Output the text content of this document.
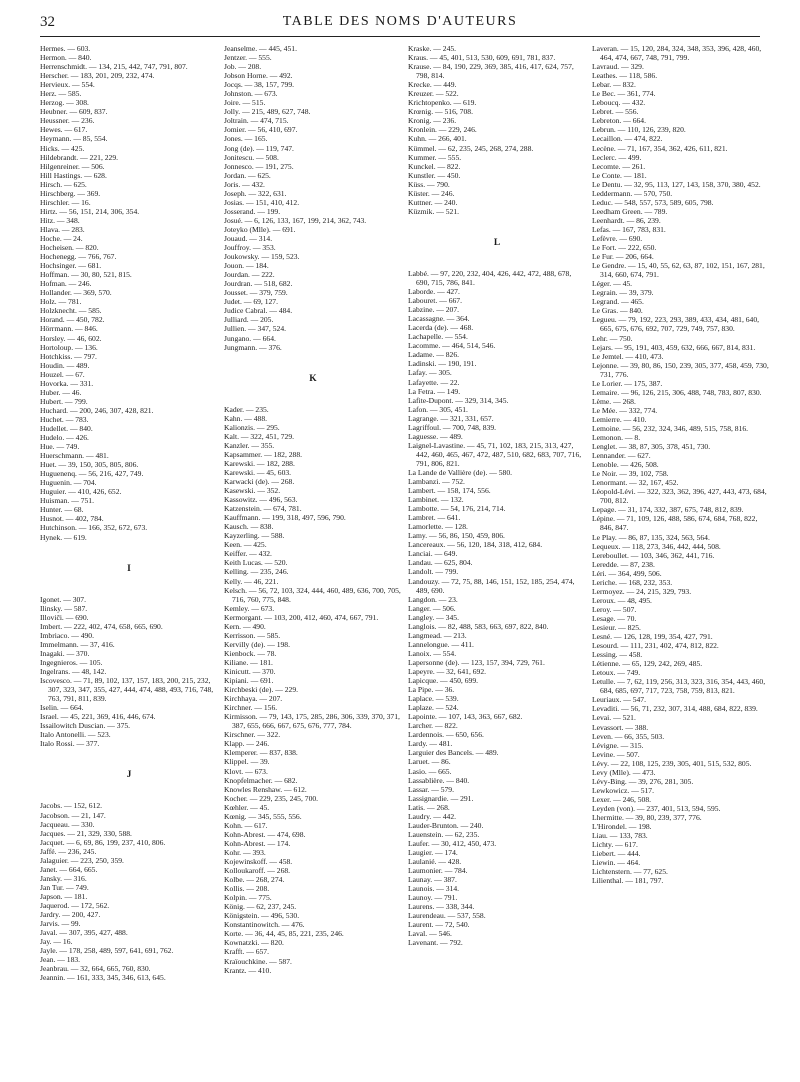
32	TABLE DES NOMS D'AUTEURS

Hermes. — 603.

Hermon. — 840.

Herrenschmidt. — 134, 215, 442, 747, 791, 807.

Herscher. — 183, 201, 209, 232, 474.

Hervieux. — 554.

Herz. — 585.

Herzog. — 308.

Heubner. — 609, 837.

Heussner. — 236.

Hewes. — 617.

Heymann. — 85, 554.

Hicks. — 425.

Hildebrandt. — 221, 229.

Hilgenreiner. — 506.

Hill Hastings. — 628.

Hirsch. — 625.

Hirschberg. — 369.

Hirschler. — 16.

Hirtz. — 56, 151, 214, 306, 354.

Hitz. — 348.

Hlava. — 283.

Hoche. — 24.

Hocheisen. — 820.

Hochenegg. — 766, 767.

Hochsinger. — 681.

Hoffman. — 30, 80, 521, 815.

Hofman. — 246.

Hollander. — 369, 570.

Holz. — 781.

Holzknecht. — 585.

Horand. — 450, 782.

Hörrmann. — 846.

Horsley. — 46, 602.

Hortoloup. — 136.

Hotchkiss. — 797.

Houdin. — 489.

Houzel. — 67.

Hovorka. — 331.

Huber. — 46.

Hubert. — 799.

Huchard. — 200, 246, 307, 428, 821.

Huchet. — 783.

Hudellet. — 840.

Hudelo. — 426.

Hue. — 749.

Huerschmann. — 481.

Huet. — 39, 150, 305, 805, 806.

Huguenenq. — 56, 216, 427, 749.

Huguenin. — 704.

Huguier. — 410, 426, 652.

Huisman. — 751.

Hunter. — 68.

Husnot. — 402, 784.

Hutchinson. — 166, 352, 672, 673.

Hynek. — 619.

I

Igonet. — 307.

Ilinsky. — 587.

Illoviči. — 690.

Imbert. — 222, 402, 474, 658, 665, 690.

Imbriaco. — 490.

Immelmann. — 37, 416.

Inagaki. — 370.

Ingegnieros. — 105.

Ingelrans. — 48, 142.

Iscovesco. — 71, 89, 102, 137, 157, 183, 200, 215, 232, 307, 323, 347, 355, 427, 444, 474, 488, 493, 716, 748, 763, 791, 811, 839.

Iselin. — 664.

Israel. — 45, 221, 369, 416, 446, 674.

Issailowitch Duscian. — 375.

Italo Antonelli. — 523.

Italo Rossi. — 377.

J

Jacobs. — 152, 612.

Jacobson. — 21, 147.

Jacqueau. — 330.

Jacques. — 21, 329, 330, 588.

Jacquet. — 6, 69, 86, 199, 237, 410, 806.

Jaffé. — 236, 245.

Jalaguier. — 223, 250, 359.

Janet. — 664, 665.

Jansky. — 316.

Jan Tur. — 749.

Japson. — 181.

Jaquerod. — 172, 562.

Jardry. — 200, 427.

Jarvis. — 99.

Javal. — 307, 395, 427, 488.

Jay. — 16.

Jayle. — 178, 258, 489, 597, 641, 691, 762.

Jean. — 183.

Jeanbrau. — 32, 664, 665, 760, 830.

Jeannin. — 161, 333, 345, 346, 613, 645.

Jeanselme. — 445, 451.

Jentzer. — 555.

Job. — 208.

Jobson Horne. — 492.

Jocqs. — 38, 157, 799.

Johnston. — 673.

Joire. — 515.

Jolly. — 215, 489, 627, 748.

Joltrain. — 474, 715.

Jomier. — 56, 410, 697.

Jones. — 165.

Jong (de). — 119, 747.

Jonitescu. — 508.

Jonnesco. — 191, 275.

Jordan. — 625.

Joris. — 432.

Joseph. — 322, 631.

Josias. — 151, 410, 412.

Josserand. — 199.

Josué. — 6, 126, 133, 167, 199, 214, 362, 743.

Joteyko (Mlle). — 691.

Jouaud. — 314.

Jouffroy. — 353.

Joukowsky. — 159, 523.

Jouon. — 184.

Jourdan. — 222.

Jourdran. — 518, 682.

Jousset. — 379, 759.

Judet. — 69, 127.

Judice Cabral. — 484.

Julliard. — 205.

Jullien. — 347, 524.

Jungano. — 664.

Jungmann. — 376.

K

Kader. — 235.

Kahn. — 488.

Kalionzis. — 295.

Kalt. — 322, 451, 729.

Kanzler. — 355.

Kapsammer. — 182, 288.

Karewski. — 182, 288.

Karewski. — 45, 603.

Karwacki (de). — 268.

Kasewski. — 352.

Kassowitz. — 496, 563.

Katzenstein. — 674, 781.

Kauffmann. — 199, 318, 497, 596, 790.

Kausch. — 838.

Kayzerling. — 588.

Keen. — 425.

Keiffer. — 432.

Keith Lucas. — 520.

Kelling. — 235, 246.

Kelly. — 46, 221.

Kelsch. — 56, 72, 103, 324, 444, 460, 489, 636, 700, 705, 716, 760, 775, 848.

Kemley. — 673.

Kermorgant. — 103, 200, 412, 460, 474, 667, 791.

Kern. — 490.

Kerrisson. — 585.

Kervilly (de). — 198.

Kienbock. — 78.

Kiliane. — 181.

Kinicutt. — 370.

Kipiani. — 691.

Kirchbeski (de). — 229.

Kirchhaya. — 207.

Kirchner. — 156.

Kirmisson. — 79, 143, 175, 285, 286, 306, 339, 370, 371, 387, 655, 666, 667, 675, 676, 777, 784.

Kirschner. — 322.

Klapp. — 246.

Klemperer. — 837, 838.

Klippel. — 39.

Klovt. — 673.

Knopfelmacher. — 682.

Knowles Renshaw. — 612.

Kocher. — 229, 235, 245, 700.

Kœhler. — 45.

Kœnig. — 345, 555, 556.

Kohn. — 617.

Kohn-Abrest. — 474, 698.

Kohn-Abrest. — 174.

Kohr. — 393.

Kojewinskoff. — 458.

Kolloukaroff. — 268.

Kolbe. — 268, 274.

Kollis. — 208.

Kolpin. — 775.

König. — 62, 237, 245.

Königstein. — 496, 530.

Konstantinowitch. — 476.

Korte. — 36, 44, 45, 85, 221, 235, 246.

Kownatzki. — 820.

Krafft. — 657.

Kraïouchkine. — 587.

Krantz. — 410.

Kraske. — 245.

Kraus. — 45, 401, 513, 530, 609, 691, 781, 837.

Krause. — 84, 190, 229, 369, 385, 416, 417, 624, 757, 798, 814.

Krecke. — 449.

Kreuzer. — 522.

Krichtopenko. — 619.

Krœnig. — 516, 708.

Kronig. — 236.

Kronlein. — 229, 246.

Kuhn. — 266, 401.

Kümmel. — 62, 235, 245, 268, 274, 288.

Kummer. — 555.

Kunckel. — 822.

Kunstler. — 450.

Küss. — 790.

Küster. — 246.

Kuttner. — 240.

Küzmik. — 521.

L

Labbé. — 97, 220, 232, 404, 426, 442, 472, 488, 678, 690, 715, 786, 841.

Laborde. — 427.

Labouret. — 667.

Labzine. — 207.

Lacassagne. — 364.

Lacerda (de). — 468.

Lachapelle. — 554.

Lacomme. — 464, 514, 546.

Ladame. — 826.

Ladinski. — 190, 191.

Lafay. — 305.

Lafayette. — 22.

La Fetra. — 149.

Lafite-Dupont. — 329, 314, 345.

Lafon. — 305, 451.

Lagrange. — 321, 331, 657.

Lagriffoul. — 700, 748, 839.

Laguesse. — 489.

Laignel-Lavastine. — 45, 71, 102, 183, 215, 313, 427, 442, 460, 465, 467, 472, 487, 510, 682, 683, 707, 716, 791, 806, 821.

La Lande de Vallière (de). — 580.

Lambanzi. — 752.

Lambert. — 158, 174, 556.

Lambinet. — 132.

Lambotte. — 54, 176, 214, 714.

Lambret. — 641.

Lamorlette. — 128.

Lamy. — 56, 86, 150, 459, 806.

Lancereaux. — 56, 120, 184, 318, 412, 684.

Lanciai. — 649.

Landau. — 625, 804.

Landolt. — 799.

Landouzy. — 72, 75, 88, 146, 151, 152, 185, 254, 474, 489, 690.

Langdon. — 23.

Langer. — 506.

Langley. — 345.

Langlois. — 82, 488, 583, 663, 697, 822, 840.

Langmead. — 213.

Lannelongue. — 411.

Lanoix. — 554.

Lapersonne (de). — 123, 157, 394, 729, 761.

Lapeyre. — 32, 641, 692.

Lapicque. — 450, 699.

La Pipe. — 36.

Laplace. — 539.

Laplaze. — 524.

Lapointe. — 107, 143, 363, 667, 682.

Larcher. — 822.

Lardennois. — 650, 656.

Lardy. — 481.

Larguier des Bancels. — 489.

Laruet. — 86.

Lasio. — 665.

Lassablière. — 840.

Lassar. — 579.

Lassignardie. — 291.

Latis. — 268.

Laudry. — 442.

Lauder-Brunton. — 240.

Lauenstein. — 62, 235.

Laufer. — 30, 412, 450, 473.

Laugier. — 174.

Laulanié. — 428.

Laumonier. — 784.

Launay. — 387.

Launois. — 314.

Launoy. — 791.

Laurens. — 338, 344.

Laurendeau. — 537, 558.

Laurent. — 72, 540.

Laval. — 546.

Lavenant. — 792.

Laveran. — 15, 120, 284, 324, 348, 353, 396, 428, 460, 464, 474, 667, 748, 791, 799.

Lavraud. — 329.

Leathes. — 118, 586.

Lebar. — 832.

Le Bec. — 361, 774.

Leboucq. — 432.

Lebret. — 556.

Lebreton. — 664.

Lebrun. — 110, 126, 239, 820.

Lecaillon. — 474, 822.

Lecène. — 71, 167, 354, 362, 426, 611, 821.

Leclerc. — 499.

Lecomte. — 261.

Le Conte. — 181.

Le Dentu. — 32, 95, 113, 127, 143, 158, 370, 380, 452.

Leddermann. — 570, 750.

Leduc. — 548, 557, 573, 589, 605, 798.

Leedham Green. — 789.

Leenhardt. — 86, 239.

Lefas. — 167, 783, 831.

Lefèvre. — 690.

Le Fort. — 222, 650.

Le Fur. — 206, 664.

Le Gendre. — 15, 40, 55, 62, 63, 87, 102, 151, 167, 281, 314, 660, 674, 791.

Léger. — 45.

Legrain. — 39, 379.

Legrand. — 465.

Le Gras. — 840.

Legueu. — 79, 192, 223, 293, 389, 433, 434, 481, 640, 665, 675, 676, 692, 707, 729, 749, 757, 830.

Lehr. — 750.

Lejars. — 95, 191, 403, 459, 632, 666, 667, 814, 831.

Le Jemtel. — 410, 473.

Lejonne. — 39, 80, 86, 150, 239, 305, 377, 458, 459, 730, 731, 776.

Le Lorier. — 175, 387.

Lemaire. — 96, 126, 215, 306, 488, 748, 783, 807, 830.

Lème. — 268.

Le Mée. — 332, 774.

Lemierre. — 410.

Lemoine. — 56, 232, 324, 346, 489, 515, 758, 816.

Lemonon. — 8.

Lenglet. — 38, 87, 305, 378, 451, 730.

Lennander. — 627.

Lenoble. — 426, 508.

Le Noir. — 39, 102, 758.

Lenormant. — 32, 167, 452.

Léopold-Lévi. — 322, 323, 362, 396, 427, 443, 473, 684, 700, 812.

Lepage. — 31, 174, 332, 387, 675, 748, 812, 839.

Lépine. — 71, 109, 126, 488, 586, 674, 684, 768, 822, 846, 847.

Le Play. — 86, 87, 135, 324, 563, 564.

Lequeux. — 118, 273, 346, 442, 444, 508.

Lereboullet. — 103, 346, 362, 441, 716.

Leredde. — 87, 238.

Léri. — 364, 499, 506.

Leriche. — 168, 232, 353.

Lermoyez. — 24, 215, 329, 793.

Leroux. — 48, 495.

Leroy. — 507.

Lesage. — 70.

Lesieur. — 825.

Lesné. — 126, 128, 199, 354, 427, 791.

Lesourd. — 111, 231, 402, 474, 812, 822.

Lessing. — 458.

Létienne. — 65, 129, 242, 269, 485.

Letoux. — 749.

Letulle. — 7, 62, 119, 256, 313, 323, 316, 354, 443, 460, 684, 685, 697, 717, 723, 758, 759, 813, 821.

Leuriaux. — 547.

Levaditi. — 56, 71, 232, 307, 314, 488, 684, 822, 839.

Levai. — 521.

Levassort. — 388.

Leven. — 66, 355, 503.

Lévigne. — 315.

Levine. — 507.

Lévy. — 22, 108, 125, 239, 305, 401, 515, 532, 805.

Levy (Mlle). — 473.

Lévy-Bing. — 39, 276, 281, 305.

Lewkowicz. — 517.

Lexer. — 246, 508.

Leyden (von). — 237, 401, 513, 594, 595.

Lhermitte. — 39, 80, 239, 377, 776.

L'Hirondel. — 198.

Liau. — 133, 783.

Lichty. — 617.

Liebert. — 444.

Liewin. — 464.

Lichtenstern. — 77, 625.

Lilienthal. — 181, 797.
